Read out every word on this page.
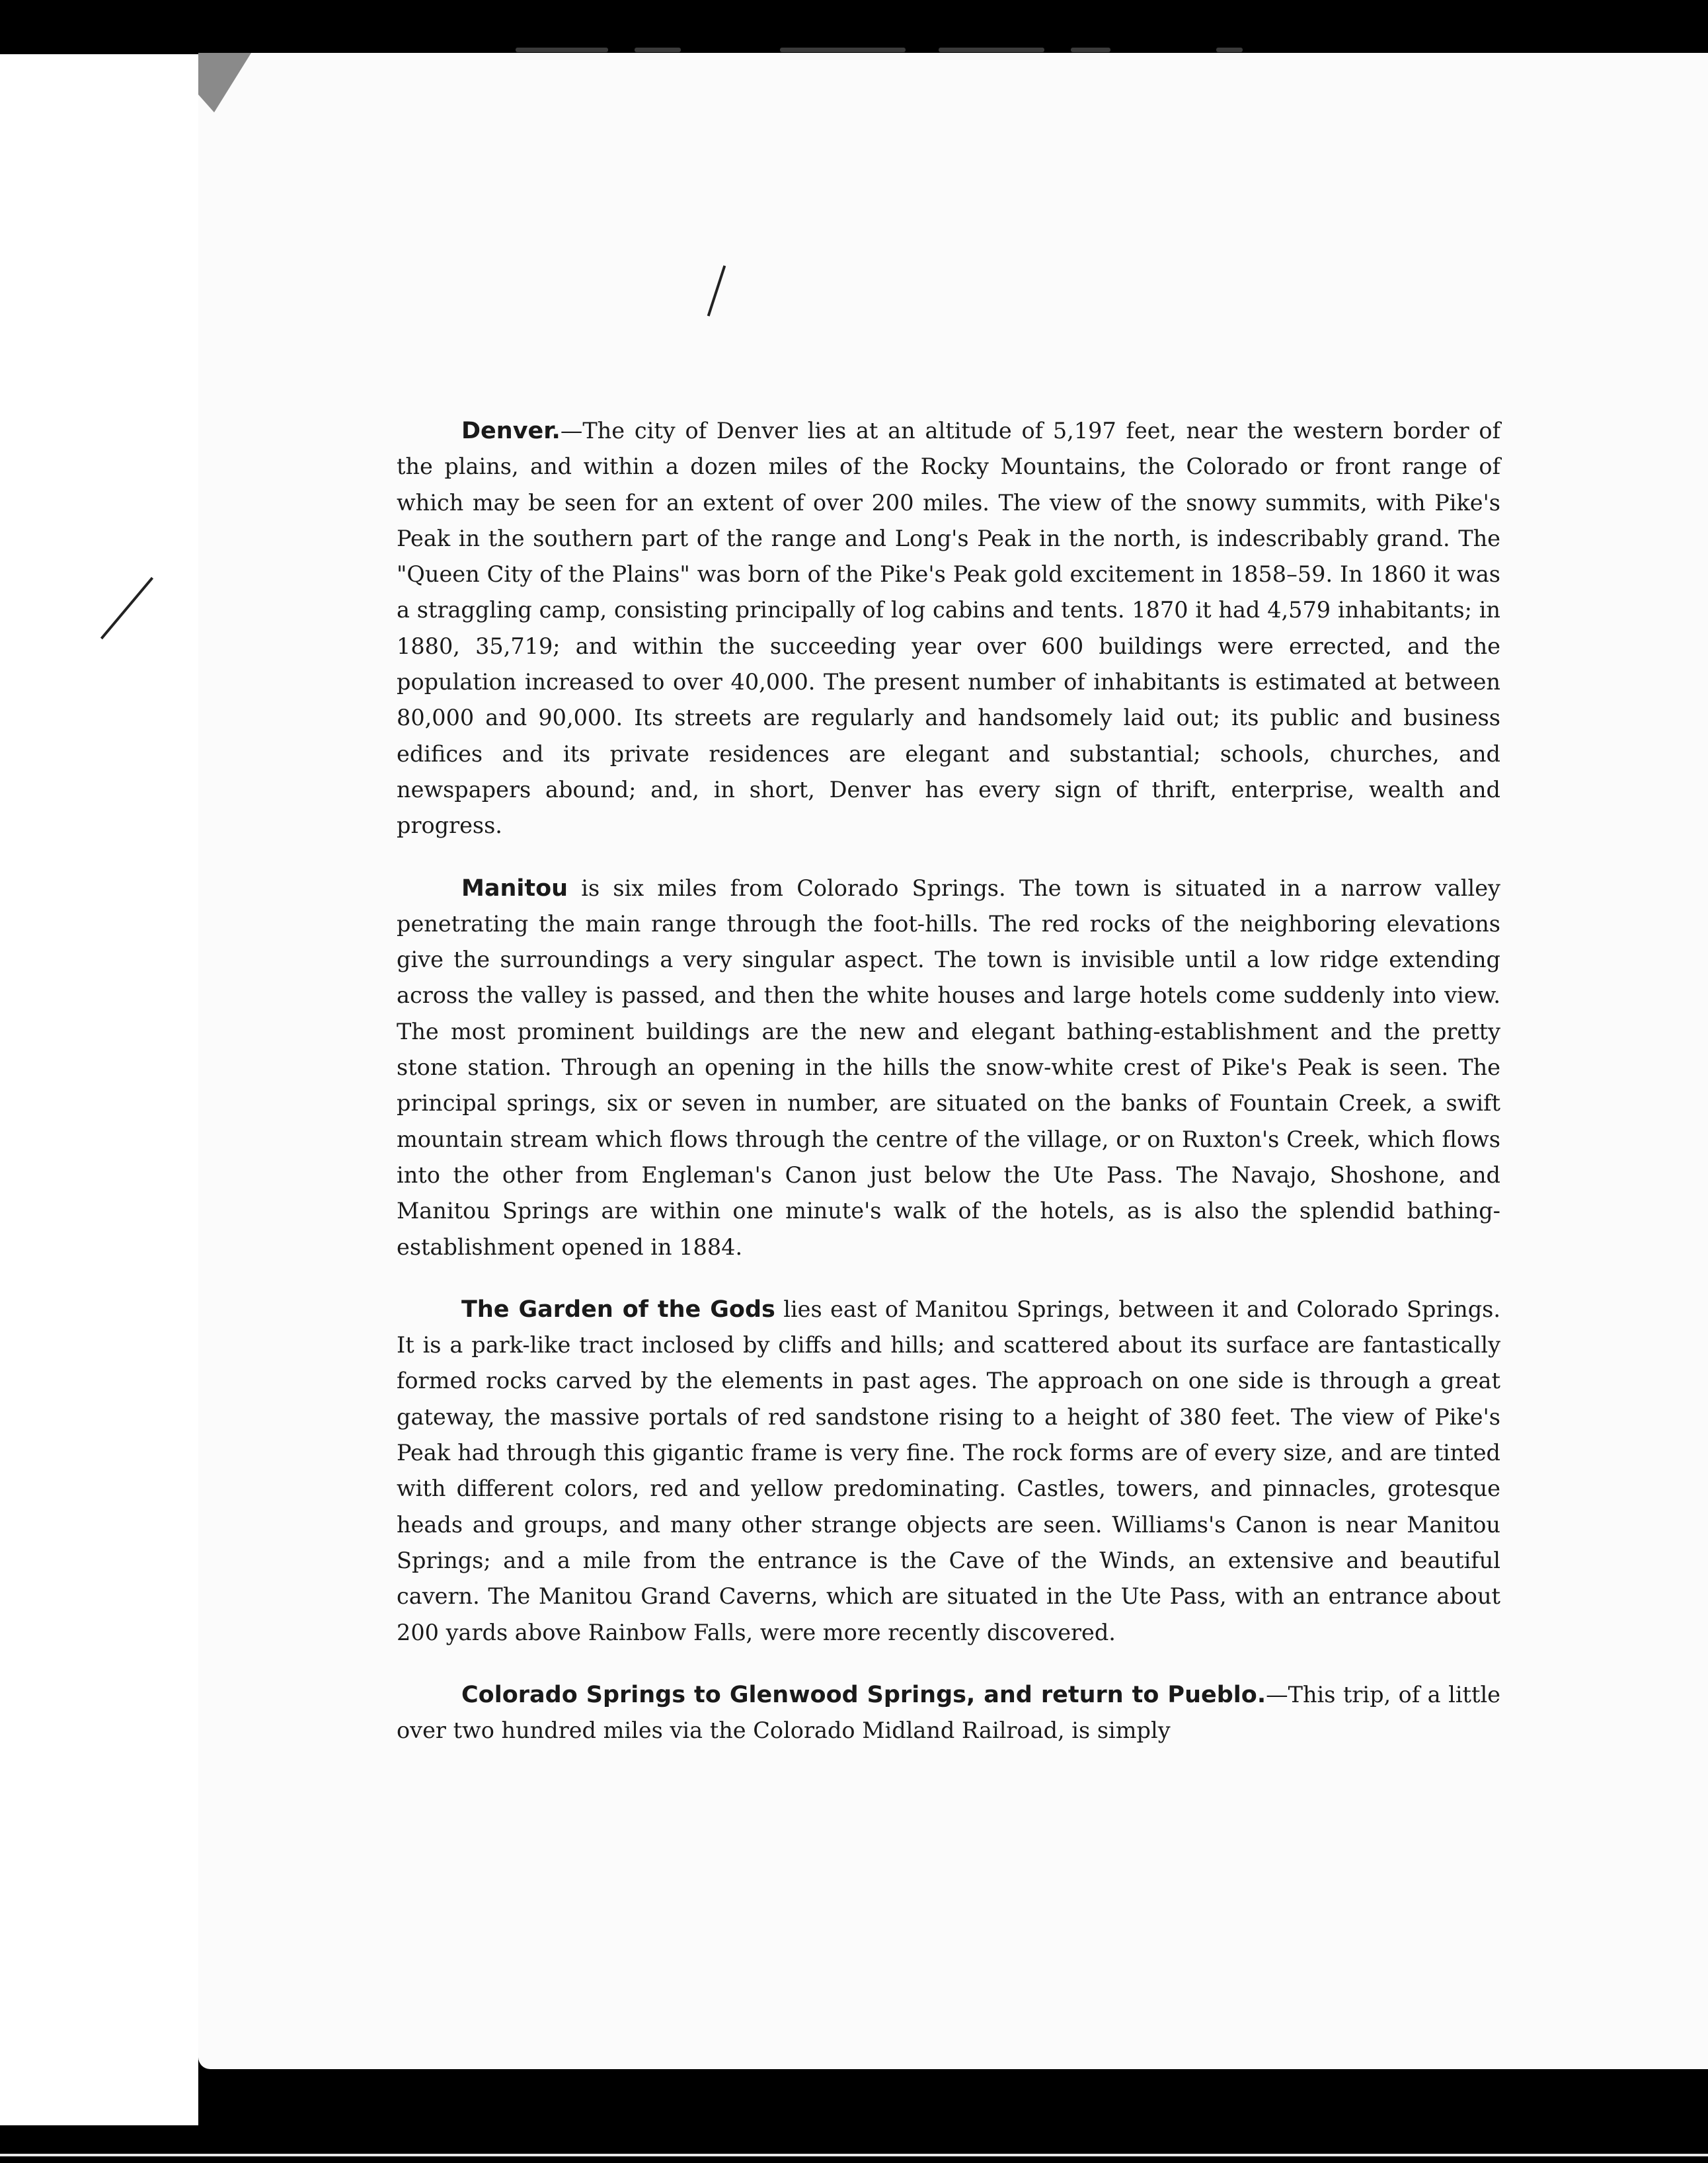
Denver.—The city of Denver lies at an altitude of 5,197 feet, near the western border of the plains, and within a dozen miles of the Rocky Mountains, the Colorado or front range of which may be seen for an extent of over 200 miles. The view of the snowy summits, with Pike's Peak in the southern part of the range and Long's Peak in the north, is indescribably grand. The "Queen City of the Plains" was born of the Pike's Peak gold excitement in 1858–59. In 1860 it was a straggling camp, consisting principally of log cabins and tents. 1870 it had 4,579 inhabitants; in 1880, 35,719; and within the succeeding year over 600 buildings were errected, and the population increased to over 40,000. The present number of inhabitants is estimated at between 80,000 and 90,000. Its streets are regularly and handsomely laid out; its public and business edifices and its private residences are elegant and substantial; schools, churches, and newspapers abound; and, in short, Denver has every sign of thrift, enterprise, wealth and progress.

Manitou is six miles from Colorado Springs. The town is situated in a narrow valley penetrating the main range through the foot-hills. The red rocks of the neighboring elevations give the surroundings a very singular aspect. The town is invisible until a low ridge extending across the valley is passed, and then the white houses and large hotels come suddenly into view. The most prominent buildings are the new and elegant bathing-establishment and the pretty stone station. Through an opening in the hills the snow-white crest of Pike's Peak is seen. The principal springs, six or seven in number, are situated on the banks of Fountain Creek, a swift mountain stream which flows through the centre of the village, or on Ruxton's Creek, which flows into the other from Engleman's Canon just below the Ute Pass. The Navajo, Shoshone, and Manitou Springs are within one minute's walk of the hotels, as is also the splendid bathing-establishment opened in 1884.

The Garden of the Gods lies east of Manitou Springs, between it and Colorado Springs. It is a park-like tract inclosed by cliffs and hills; and scattered about its surface are fantastically formed rocks carved by the elements in past ages. The approach on one side is through a great gateway, the massive portals of red sandstone rising to a height of 380 feet. The view of Pike's Peak had through this gigantic frame is very fine. The rock forms are of every size, and are tinted with different colors, red and yellow predominating. Castles, towers, and pinnacles, grotesque heads and groups, and many other strange objects are seen. Williams's Canon is near Manitou Springs; and a mile from the entrance is the Cave of the Winds, an extensive and beautiful cavern. The Manitou Grand Caverns, which are situated in the Ute Pass, with an entrance about 200 yards above Rainbow Falls, were more recently discovered.

Colorado Springs to Glenwood Springs, and return to Pueblo.—This trip, of a little over two hundred miles via the Colorado Midland Railroad, is simply
